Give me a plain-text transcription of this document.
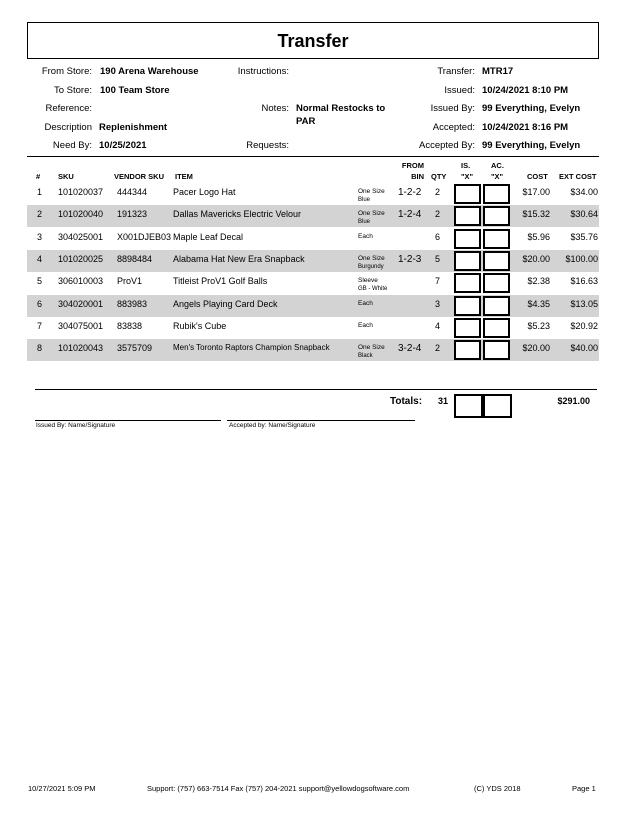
Transfer
From Store: 190 Arena Warehouse
To Store: 100 Team Store
Reference:
Description Replenishment
Need By: 10/25/2021
Instructions:
Notes: Normal Restocks to
PAR
Requests:
Transfer: MTR17
Issued: 10/24/2021 8:10 PM
Issued By: 99 Everything, Evelyn
Accepted: 10/24/2021 8:16 PM
Accepted By: 99 Everything, Evelyn
# SKU	VENDOR SKU ITEM
FROM
BIN QTY
IS.
"X"
AC.
"X"	COST EXT COST
1 101020037 444344	Pacer Logo Hat	One Size
Blue
1-2-2 2	$17.00	$34.00
2 101020040 191323	Dallas Mavericks Electric Velour	One Size
Blue
1-2-4 2	$15.32	$30.64
3 304025001 X001DJEB03 Maple Leaf Decal	Each	6	$5.96	$35.76
4 101020025 8898484 Alabama Hat New Era Snapback	One Size
Burgundy
1-2-3 5	$20.00	$100.00
5 306010003 ProV1	Titleist ProV1 Golf Balls	Sleeve
GB - White
7	$2.38	$16.63
6 304020001 883983	Angels Playing Card Deck	Each	3	$4.35	$13.05
7 304075001 83838	Rubik's Cube	Each	4	$5.23	$20.92
8 101020043 3575709	Men's Toronto Raptors Champion Snapback	One Size
Black
3-2-4 2	$20.00	$40.00
Totals: 31	$291.00
Issued By: Name/Signature	Accepted by: Name/Signature
10/27/2021 5:09 PM	Support: (757) 663-7514 Fax (757) 204-2021 support@yellowdogsoftware.com	(C) YDS 2018	Page 1
